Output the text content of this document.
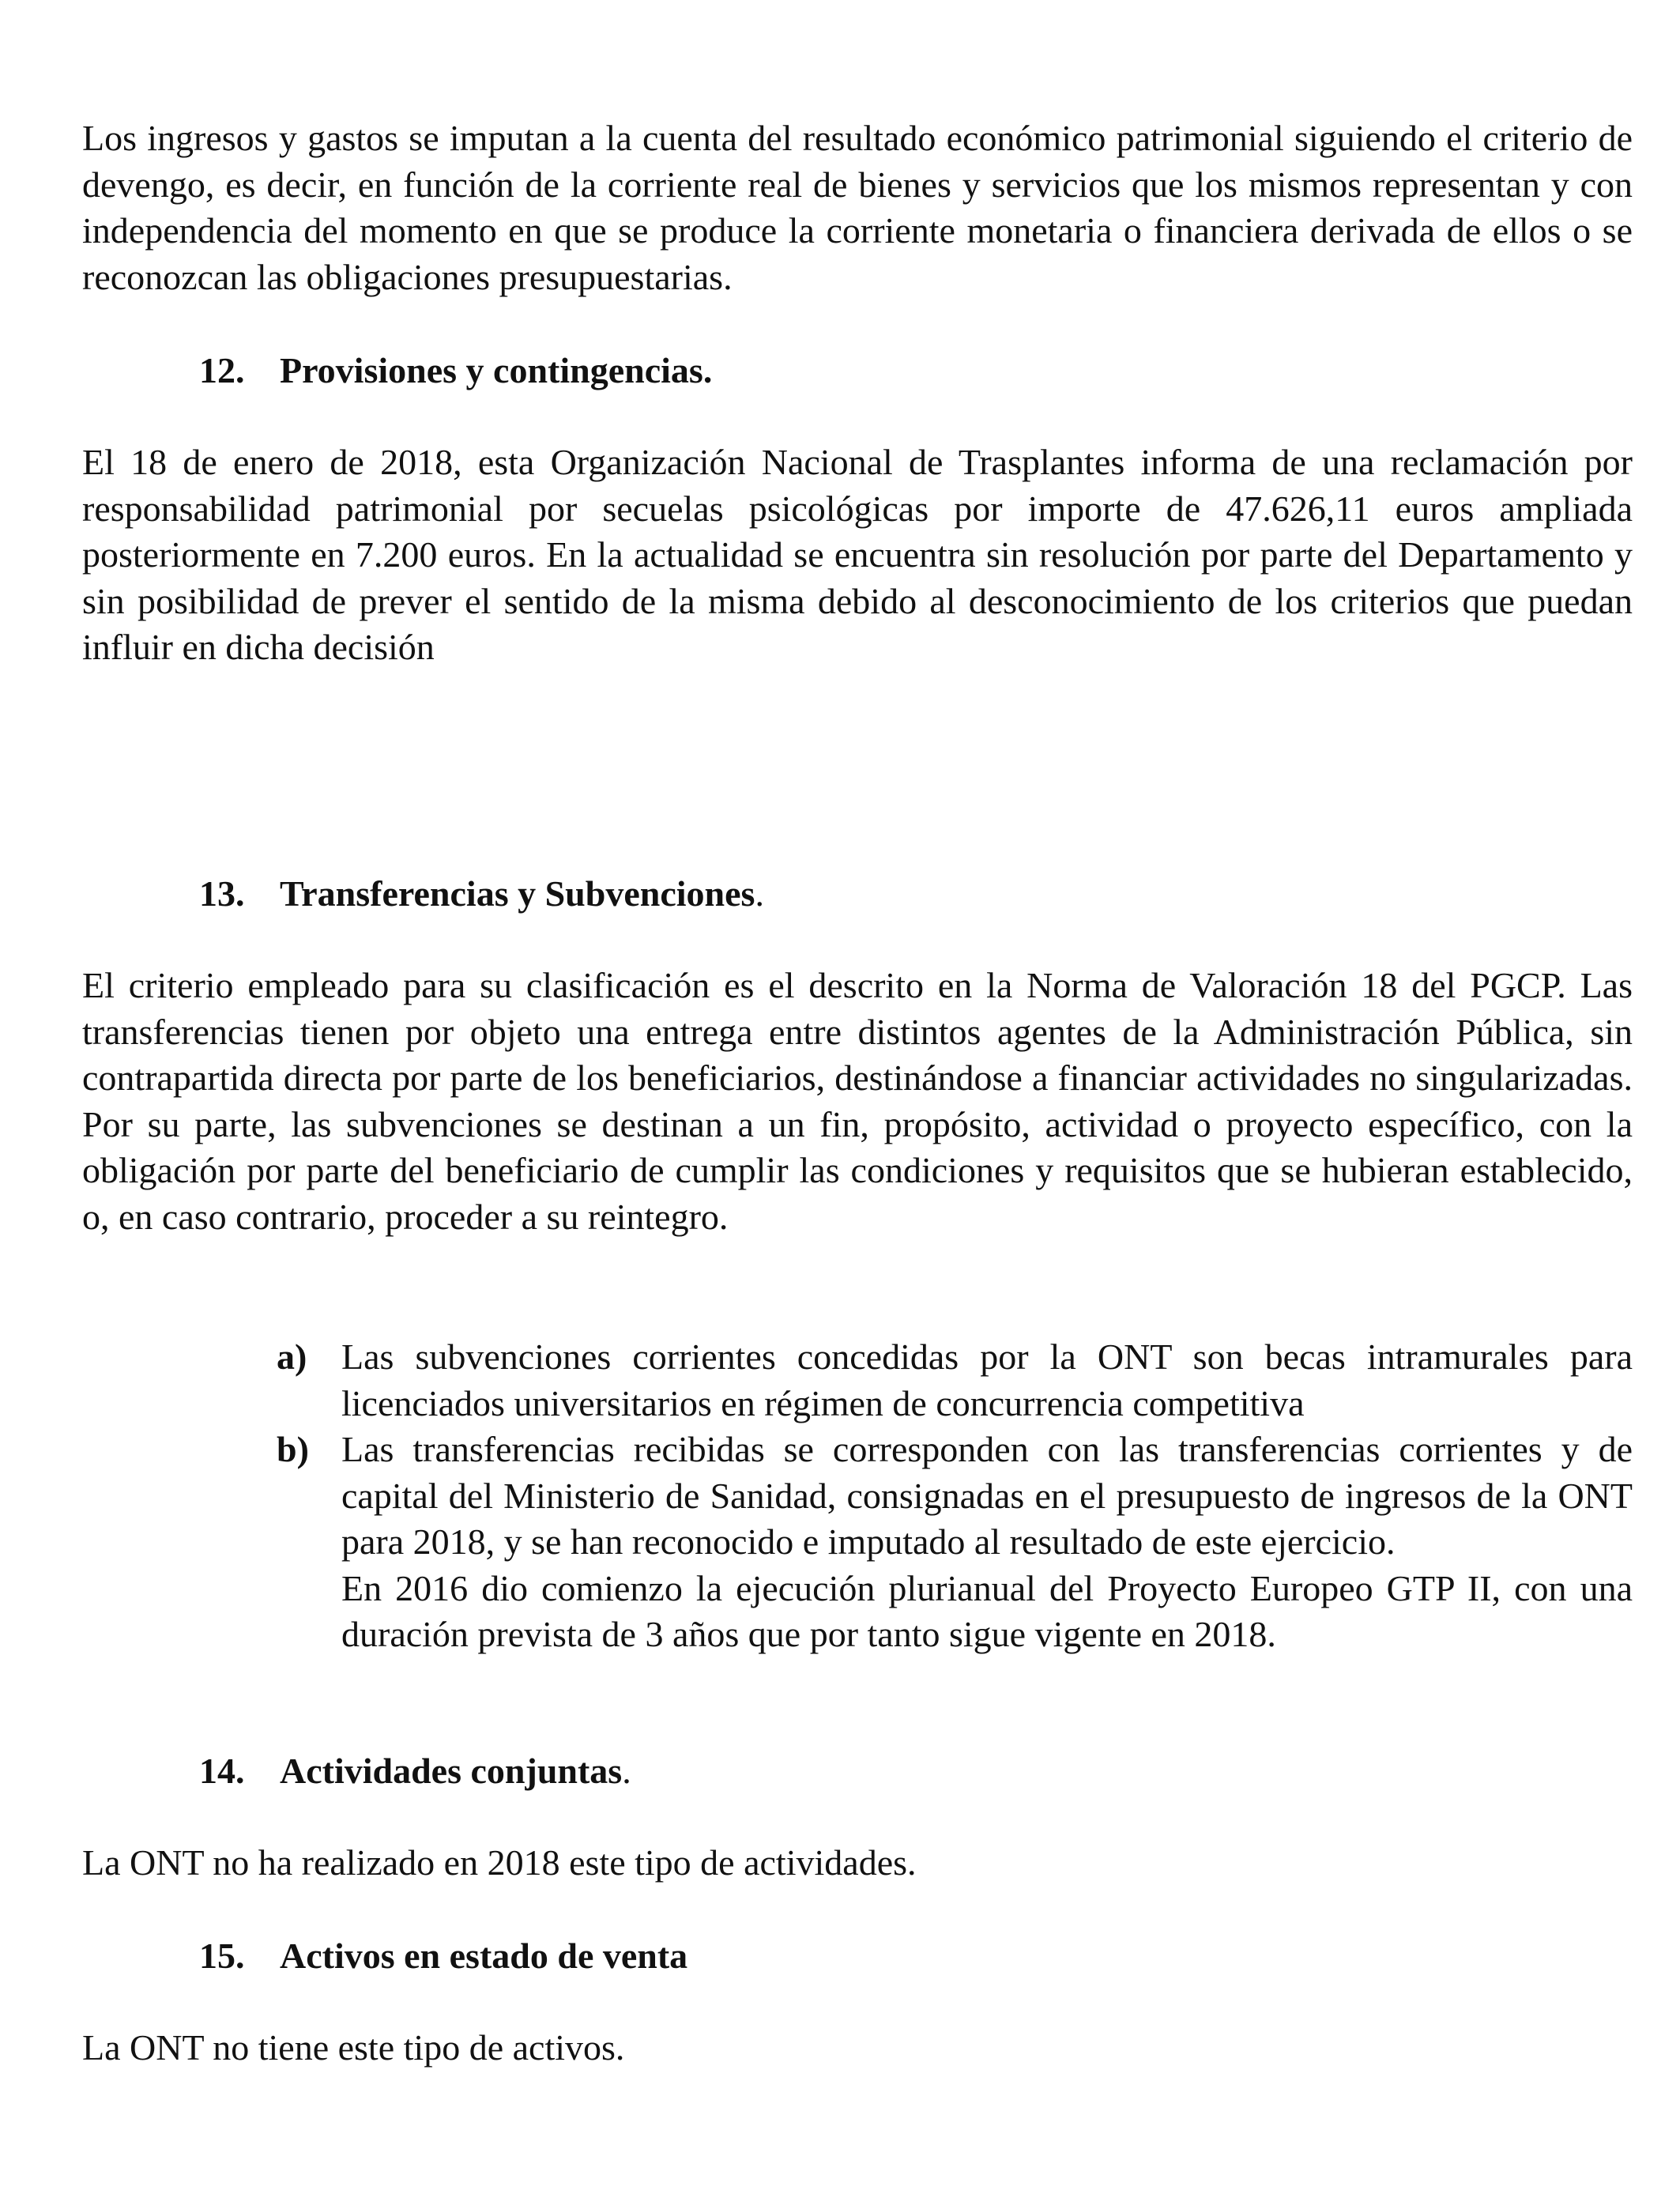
Los ingresos y gastos se imputan a la cuenta del resultado económico patrimonial siguiendo el criterio de devengo, es decir, en función de la corriente real de bienes y servicios que los mismos representan y con independencia del momento en que se produce la corriente monetaria o financiera derivada de ellos o se reconozcan las obligaciones presupuestarias.

12. Provisiones y contingencias.

El 18 de enero de 2018, esta Organización Nacional de Trasplantes informa de una reclamación por responsabilidad patrimonial por secuelas psicológicas por importe de 47.626,11 euros ampliada posteriormente en 7.200 euros. En la actualidad se encuentra sin resolución por parte del Departamento y sin posibilidad de prever el sentido de la misma debido al desconocimiento de los criterios que puedan influir en dicha decisión

13. Transferencias y Subvenciones.

El criterio empleado para su clasificación es el descrito en la Norma de Valoración 18 del PGCP. Las transferencias tienen por objeto una entrega entre distintos agentes de la Administración Pública, sin contrapartida directa por parte de los beneficiarios, destinándose a financiar actividades no singularizadas. Por su parte, las subvenciones se destinan a un fin, propósito, actividad o proyecto específico, con la obligación por parte del beneficiario de cumplir las condiciones y requisitos que se hubieran establecido, o, en caso contrario, proceder a su reintegro.

a) Las subvenciones corrientes concedidas por la ONT son becas intramurales para licenciados universitarios en régimen de concurrencia competitiva

b) Las transferencias recibidas se corresponden con las transferencias corrientes y de capital del Ministerio de Sanidad, consignadas en el presupuesto de ingresos de la ONT para 2018, y se han reconocido e imputado al resultado de este ejercicio.

En 2016 dio comienzo la ejecución plurianual del Proyecto Europeo GTP II, con una duración prevista de 3 años que por tanto sigue vigente en 2018.

14. Actividades conjuntas.

La ONT no ha realizado en 2018 este tipo de actividades.

15. Activos en estado de venta

La ONT no tiene este tipo de activos.
